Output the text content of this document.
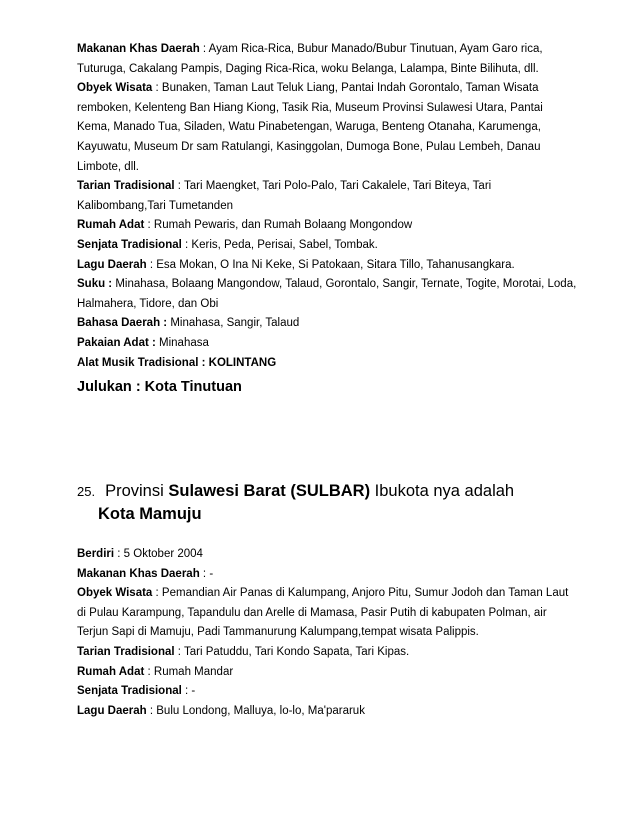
Makanan Khas Daerah : Ayam Rica-Rica, Bubur Manado/Bubur Tinutuan, Ayam Garo rica, Tuturuga, Cakalang Pampis, Daging Rica-Rica, woku Belanga, Lalampa, Binte Bilihuta, dll.

Obyek Wisata : Bunaken, Taman Laut Teluk Liang, Pantai Indah Gorontalo, Taman Wisata remboken, Kelenteng Ban Hiang Kiong, Tasik Ria, Museum Provinsi Sulawesi Utara, Pantai Kema, Manado Tua, Siladen, Watu Pinabetengan, Waruga, Benteng Otanaha, Karumenga, Kayuwatu, Museum Dr sam Ratulangi, Kasinggolan, Dumoga Bone, Pulau Lembeh, Danau Limbote, dll.

Tarian Tradisional : Tari Maengket, Tari Polo-Palo, Tari Cakalele, Tari Biteya, Tari Kalibombang,Tari Tumetanden

Rumah Adat : Rumah Pewaris, dan Rumah Bolaang Mongondow

Senjata Tradisional : Keris, Peda, Perisai, Sabel, Tombak.

Lagu Daerah : Esa Mokan, O Ina Ni Keke, Si Patokaan, Sitara Tillo, Tahanusangkara.

Suku : Minahasa, Bolaang Mangondow, Talaud, Gorontalo, Sangir, Ternate, Togite, Morotai, Loda, Halmahera, Tidore, dan Obi

Bahasa Daerah : Minahasa, Sangir, Talaud

Pakaian Adat : Minahasa

Alat Musik Tradisional : KOLINTANG

Julukan : Kota Tinutuan

25. Provinsi Sulawesi Barat (SULBAR) Ibukota nya adalah
Kota Mamuju

Berdiri : 5 Oktober 2004

Makanan Khas Daerah : -

Obyek Wisata : Pemandian Air Panas di Kalumpang, Anjoro Pitu, Sumur Jodoh dan Taman Laut di Pulau Karampung, Tapandulu dan Arelle di Mamasa, Pasir Putih di kabupaten Polman, air Terjun Sapi di Mamuju, Padi Tammanurung Kalumpang,tempat wisata Palippis.

Tarian Tradisional : Tari Patuddu, Tari Kondo Sapata, Tari Kipas.

Rumah Adat : Rumah Mandar

Senjata Tradisional : -

Lagu Daerah : Bulu Londong, Malluya, lo-lo, Ma'pararuk
